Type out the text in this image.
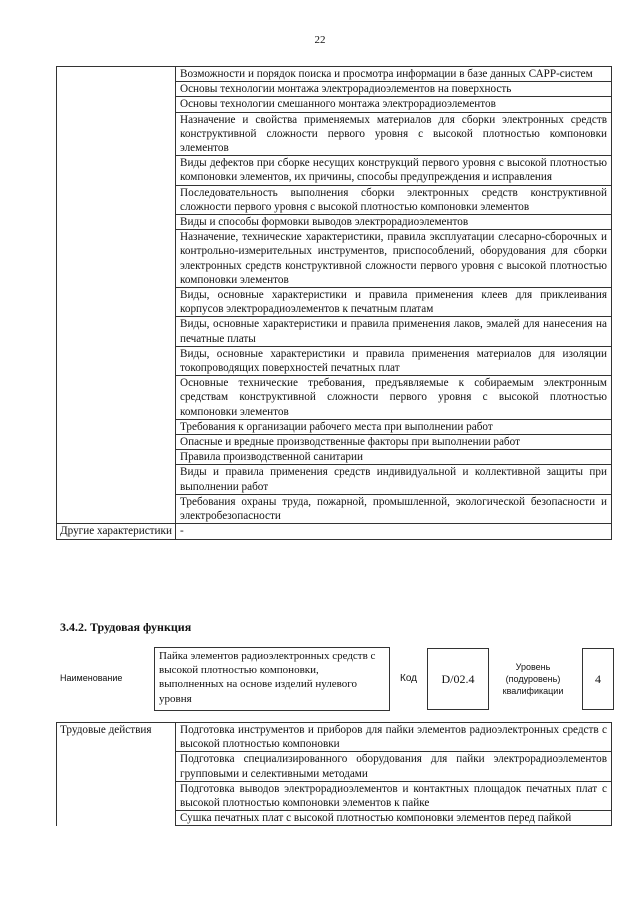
22
	Возможности и порядок поиска и просмотра информации в базе данных САРР-систем
	Основы технологии монтажа электрорадиоэлементов на поверхность
	Основы технологии смешанного монтажа электрорадиоэлементов
	Назначение и свойства применяемых материалов для сборки электронных средств конструктивной сложности первого уровня с высокой плотностью компоновки элементов
	Виды дефектов при сборке несущих конструкций первого уровня с высокой плотностью компоновки элементов, их причины, способы предупреждения и исправления
	Последовательность выполнения сборки электронных средств конструктивной сложности первого уровня с высокой плотностью компоновки элементов
	Виды и способы формовки выводов электрорадиоэлементов
	Назначение, технические характеристики, правила эксплуатации слесарно-сборочных и контрольно-измерительных инструментов, приспособлений, оборудования для сборки электронных средств конструктивной сложности первого уровня с высокой плотностью компоновки элементов
	Виды, основные характеристики и правила применения клеев для приклеивания корпусов электрорадиоэлементов к печатным платам
	Виды, основные характеристики и правила применения лаков, эмалей для нанесения на печатные платы
	Виды, основные характеристики и правила применения материалов для изоляции токопроводящих поверхностей печатных плат
	Основные технические требования, предъявляемые к собираемым электронным средствам конструктивной сложности первого уровня с высокой плотностью компоновки элементов
	Требования к организации рабочего места при выполнении работ
	Опасные и вредные производственные факторы при выполнении работ
	Правила производственной санитарии
	Виды и правила применения средств индивидуальной и коллективной защиты при выполнении работ
	Требования охраны труда, пожарной, промышленной, экологической безопасности и электробезопасности
Другие характеристики	-
3.4.2. Трудовая функция
Наименование
Пайка элементов радиоэлектронных средств с высокой плотностью компоновки, выполненных на основе изделий нулевого уровня
Код	D/02.4
Уровень (подуровень) квалификации
4
Трудовые действия	Подготовка инструментов и приборов для пайки элементов радиоэлектронных средств с высокой плотностью компоновки
Подготовка специализированного оборудования для пайки электрорадиоэлементов групповыми и селективными методами
Подготовка выводов электрорадиоэлементов и контактных площадок печатных плат с высокой плотностью компоновки элементов к пайке
Сушка печатных плат с высокой плотностью компоновки элементов перед пайкой
